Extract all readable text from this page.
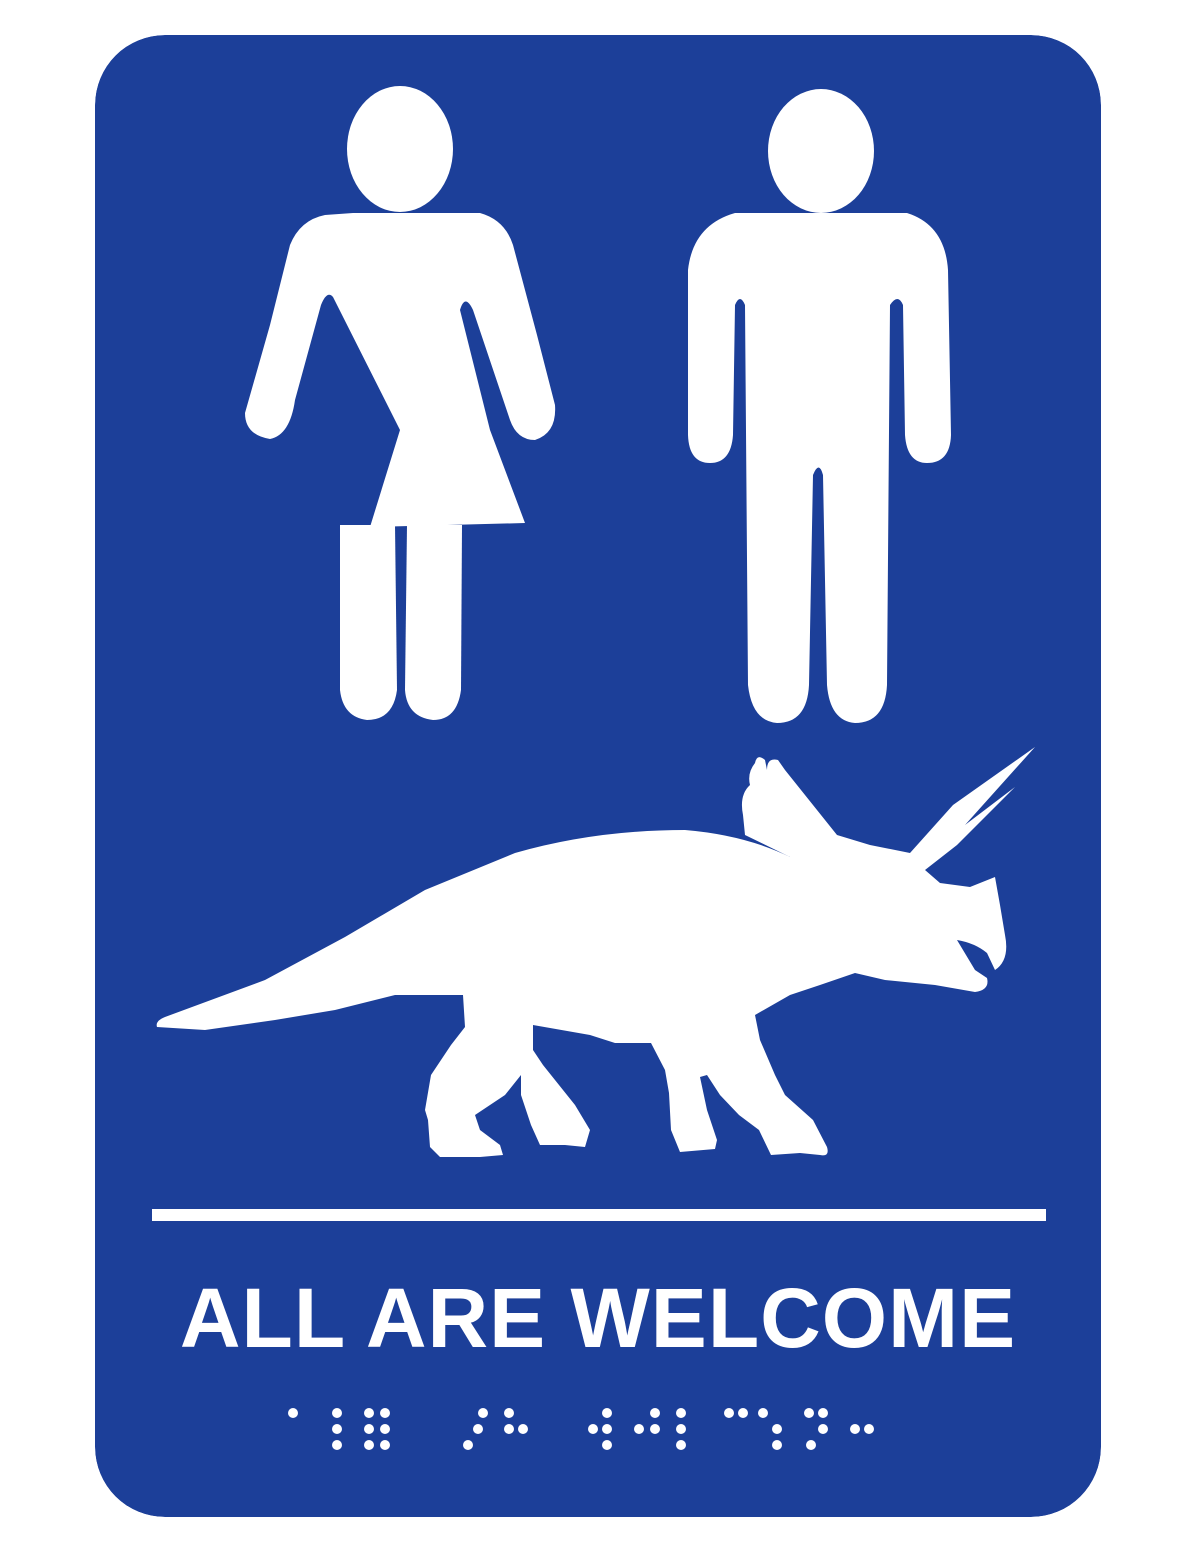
ALL ARE WELCOME
